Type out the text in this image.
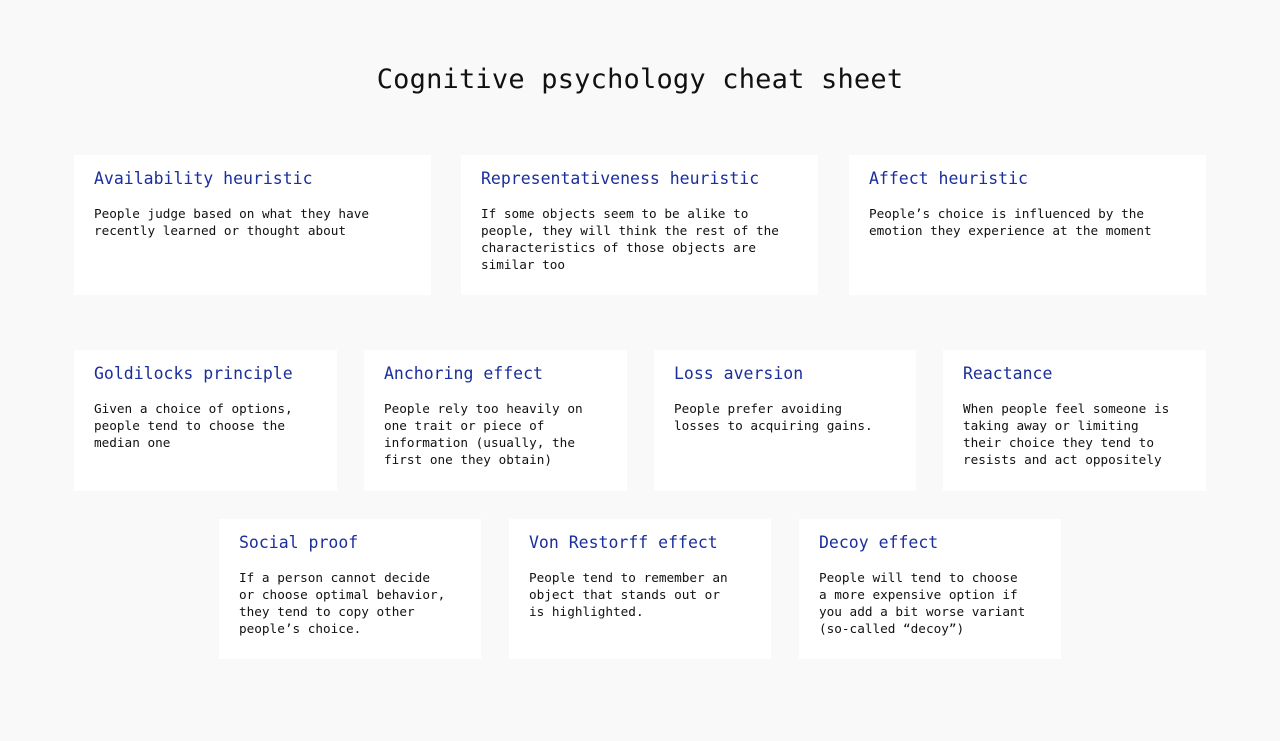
Cognitive psychology cheat sheet
Availability heuristic
People judge based on what they have
recently learned or thought about
Representativeness heuristic
If some objects seem to be alike to
people, they will think the rest of the
characteristics of those objects are
similar too
Affect heuristic
People’s choice is influenced by the
emotion they experience at the moment
Goldilocks principle
Given a choice of options,
people tend to choose the
median one
Anchoring effect
People rely too heavily on
one trait or piece of
information (usually, the
first one they obtain)
Loss aversion
People prefer avoiding
losses to acquiring gains.
Reactance
When people feel someone is
taking away or limiting
their choice they tend to
resists and act oppositely
Social proof
If a person cannot decide
or choose optimal behavior,
they tend to copy other
people’s choice.
Von Restorff effect
People tend to remember an
object that stands out or
is highlighted.
Decoy effect
People will tend to choose
a more expensive option if
you add a bit worse variant
(so-called “decoy”)
